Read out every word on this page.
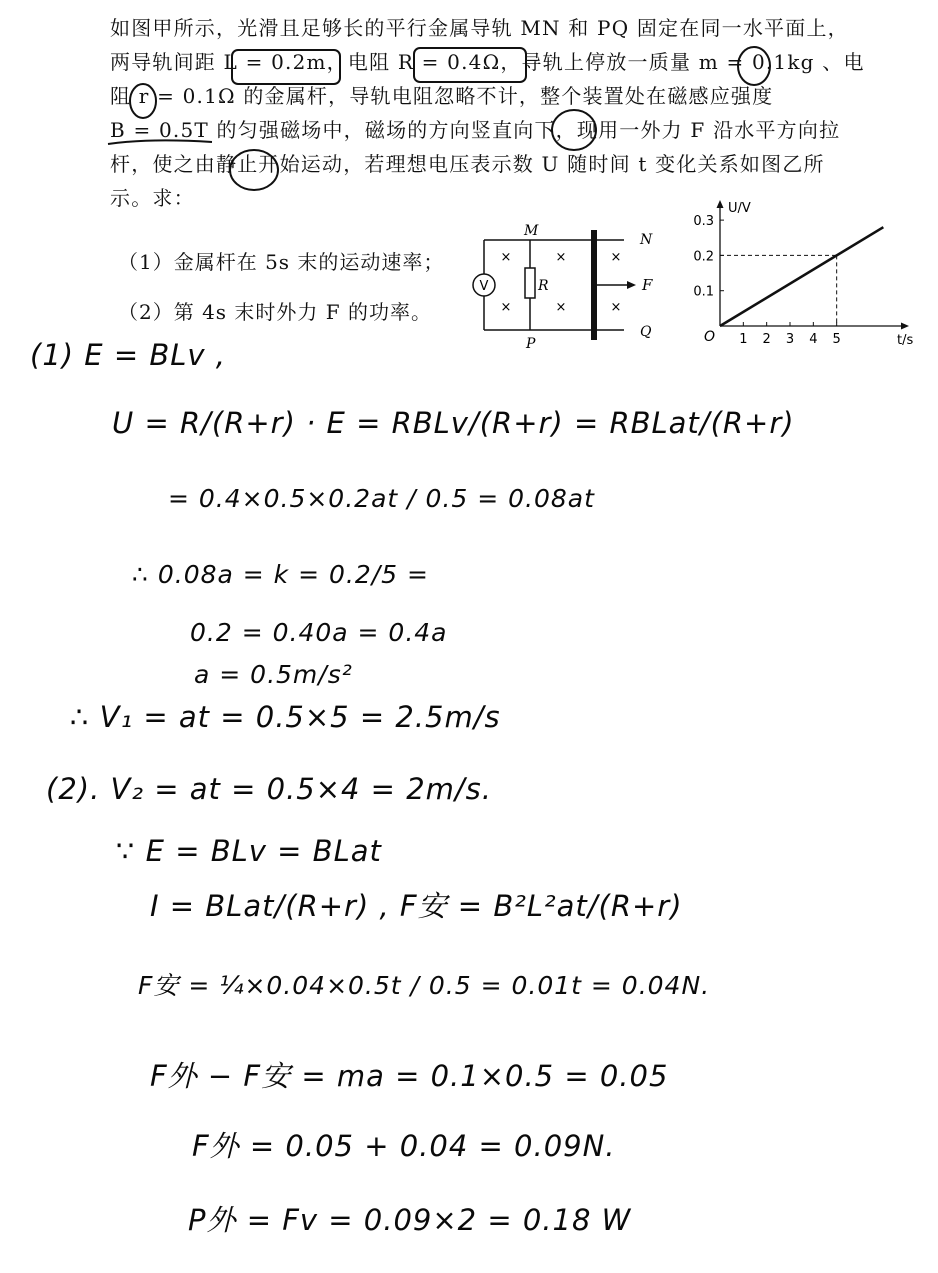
如图甲所示，光滑且足够长的平行金属导轨 MN 和 PQ 固定在同一水平面上，
两导轨间距 L = 0.2m，电阻 R = 0.4Ω，导轨上停放一质量 m = 0.1kg 、电
阻 r = 0.1Ω 的金属杆，导轨电阻忽略不计，整个装置处在磁感应强度
B = 0.5T 的匀强磁场中，磁场的方向竖直向下，现用一外力 F 沿水平方向拉
杆，使之由静止开始运动，若理想电压表示数 U 随时间 t 变化关系如图乙所
示。求：
（1）金属杆在 5s 末的运动速率；
（2）第 4s 末时外力 F 的功率。
V	F
M
N
P
Q
R
×	×
×	×
×
×
U/V
t/s
O 1 2 3 4 5
0.1
0.2
0.3
(1) E = BLv ,
U = R/(R+r) · E = RBLv/(R+r) = RBLat/(R+r)
= 0.4×0.5×0.2at / 0.5 = 0.08at
∴ 0.08a = k = 0.2/5 =
0.2 = 0.40a = 0.4a
a = 0.5m/s²
∴ V₁ = at = 0.5×5 = 2.5m/s
(2). V₂ = at = 0.5×4 = 2m/s.
∵ E = BLv = BLat
I = BLat/(R+r) , F安 = B²L²at/(R+r)
F安 = ¼×0.04×0.5t / 0.5 = 0.01t = 0.04N.
F外 − F安 = ma = 0.1×0.5 = 0.05
F外 = 0.05 + 0.04 = 0.09N.
P外 = Fv = 0.09×2 = 0.18 W
